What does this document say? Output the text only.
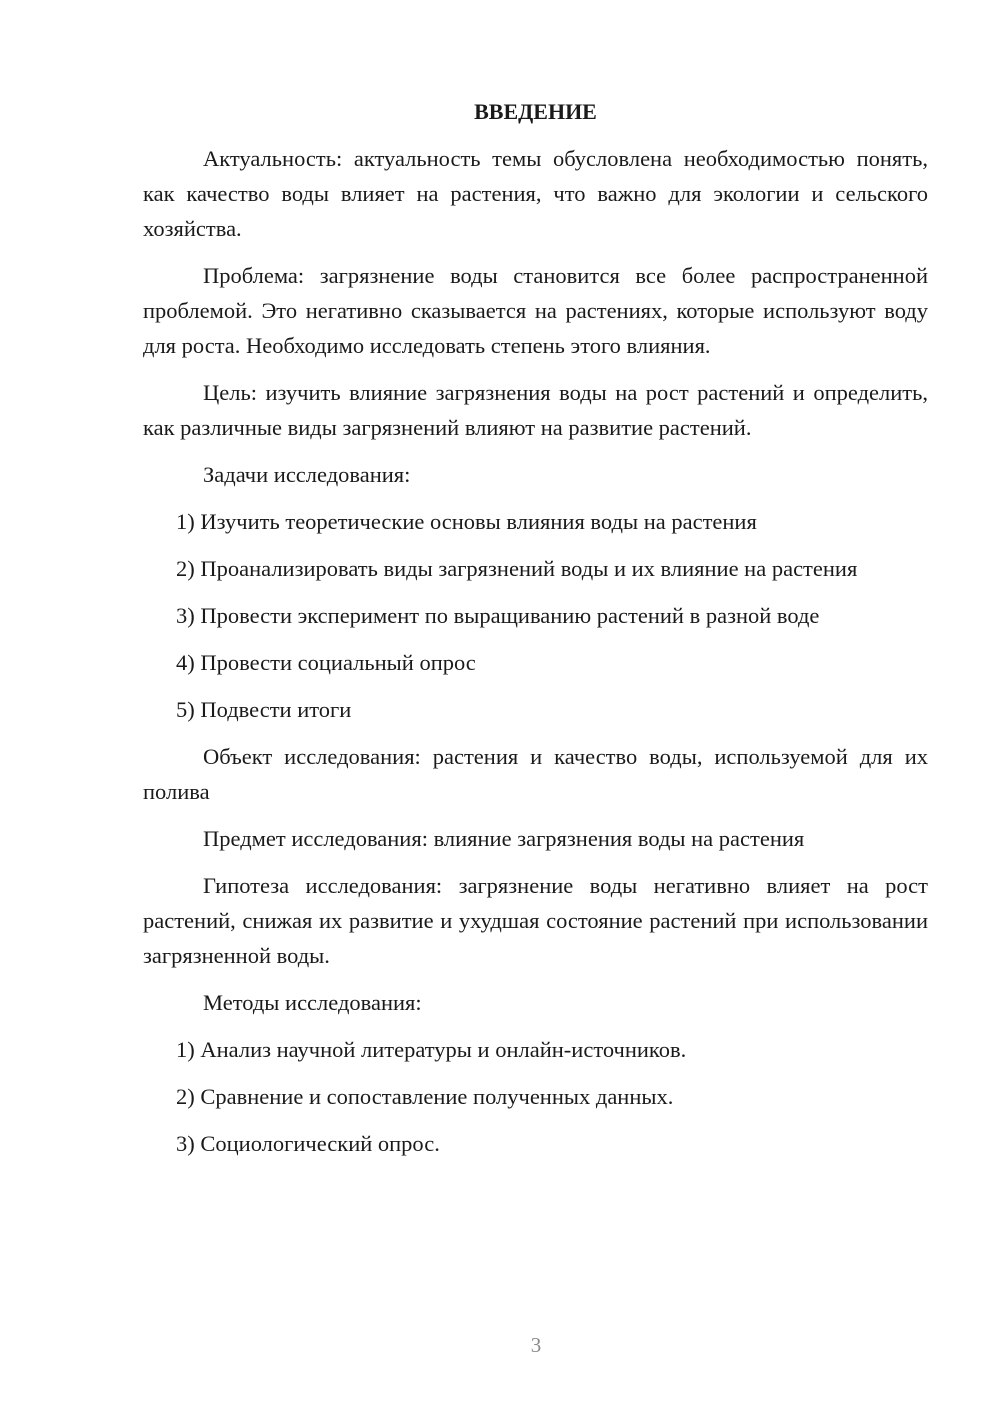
ВВЕДЕНИЕ

Актуальность: актуальность темы обусловлена необходимостью понять, как качество воды влияет на растения, что важно для экологии и сельского хозяйства.

Проблема: загрязнение воды становится все более распространенной проблемой. Это негативно сказывается на растениях, которые используют воду для роста. Необходимо исследовать степень этого влияния.

Цель: изучить влияние загрязнения воды на рост растений и определить, как различные виды загрязнений влияют на развитие растений.

Задачи исследования:

1) Изучить теоретические основы влияния воды на растения

2) Проанализировать виды загрязнений воды и их влияние на растения

3) Провести эксперимент по выращиванию растений в разной воде

4) Провести социальный опрос

5) Подвести итоги

Объект исследования: растения и качество воды, используемой для их полива

Предмет исследования: влияние загрязнения воды на растения

Гипотеза исследования: загрязнение воды негативно влияет на рост растений, снижая их развитие и ухудшая состояние растений при использовании загрязненной воды.

Методы исследования:

1) Анализ научной литературы и онлайн-источников.

2) Сравнение и сопоставление полученных данных.

3) Социологический опрос.

3
